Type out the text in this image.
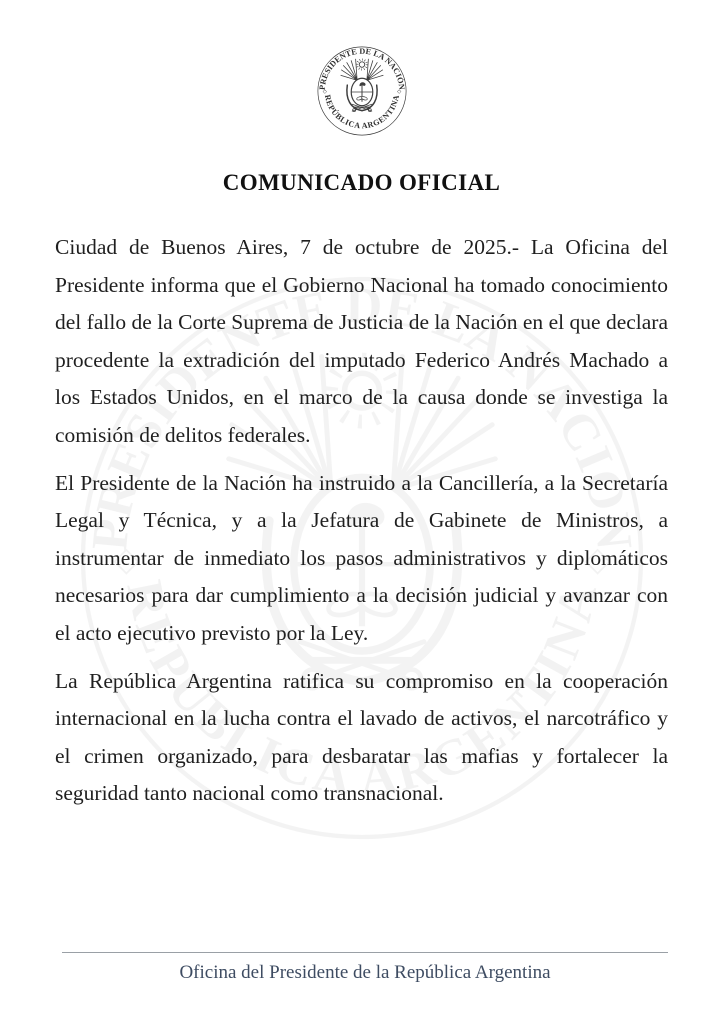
COMUNICADO OFICIAL

Ciudad de Buenos Aires, 7 de octubre de 2025.- La Oficina del Presidente informa que el Gobierno Nacional ha tomado conocimiento del fallo de la Corte Suprema de Justicia de la Nación en el que declara procedente la extradición del imputado Federico Andrés Machado a los Estados Unidos, en el marco de la causa donde se investiga la comisión de delitos federales.

El Presidente de la Nación ha instruido a la Cancillería, a la Secretaría Legal y Técnica, y a la Jefatura de Gabinete de Ministros, a instrumentar de inmediato los pasos administrativos y diplomáticos necesarios para dar cumplimiento a la decisión judicial y avanzar con el acto ejecutivo previsto por la Ley.

La República Argentina ratifica su compromiso en la cooperación internacional en la lucha contra el lavado de activos, el narcotráfico y el crimen organizado, para desbaratar las mafias y fortalecer la seguridad tanto nacional como transnacional.

Oficina del Presidente de la República Argentina
